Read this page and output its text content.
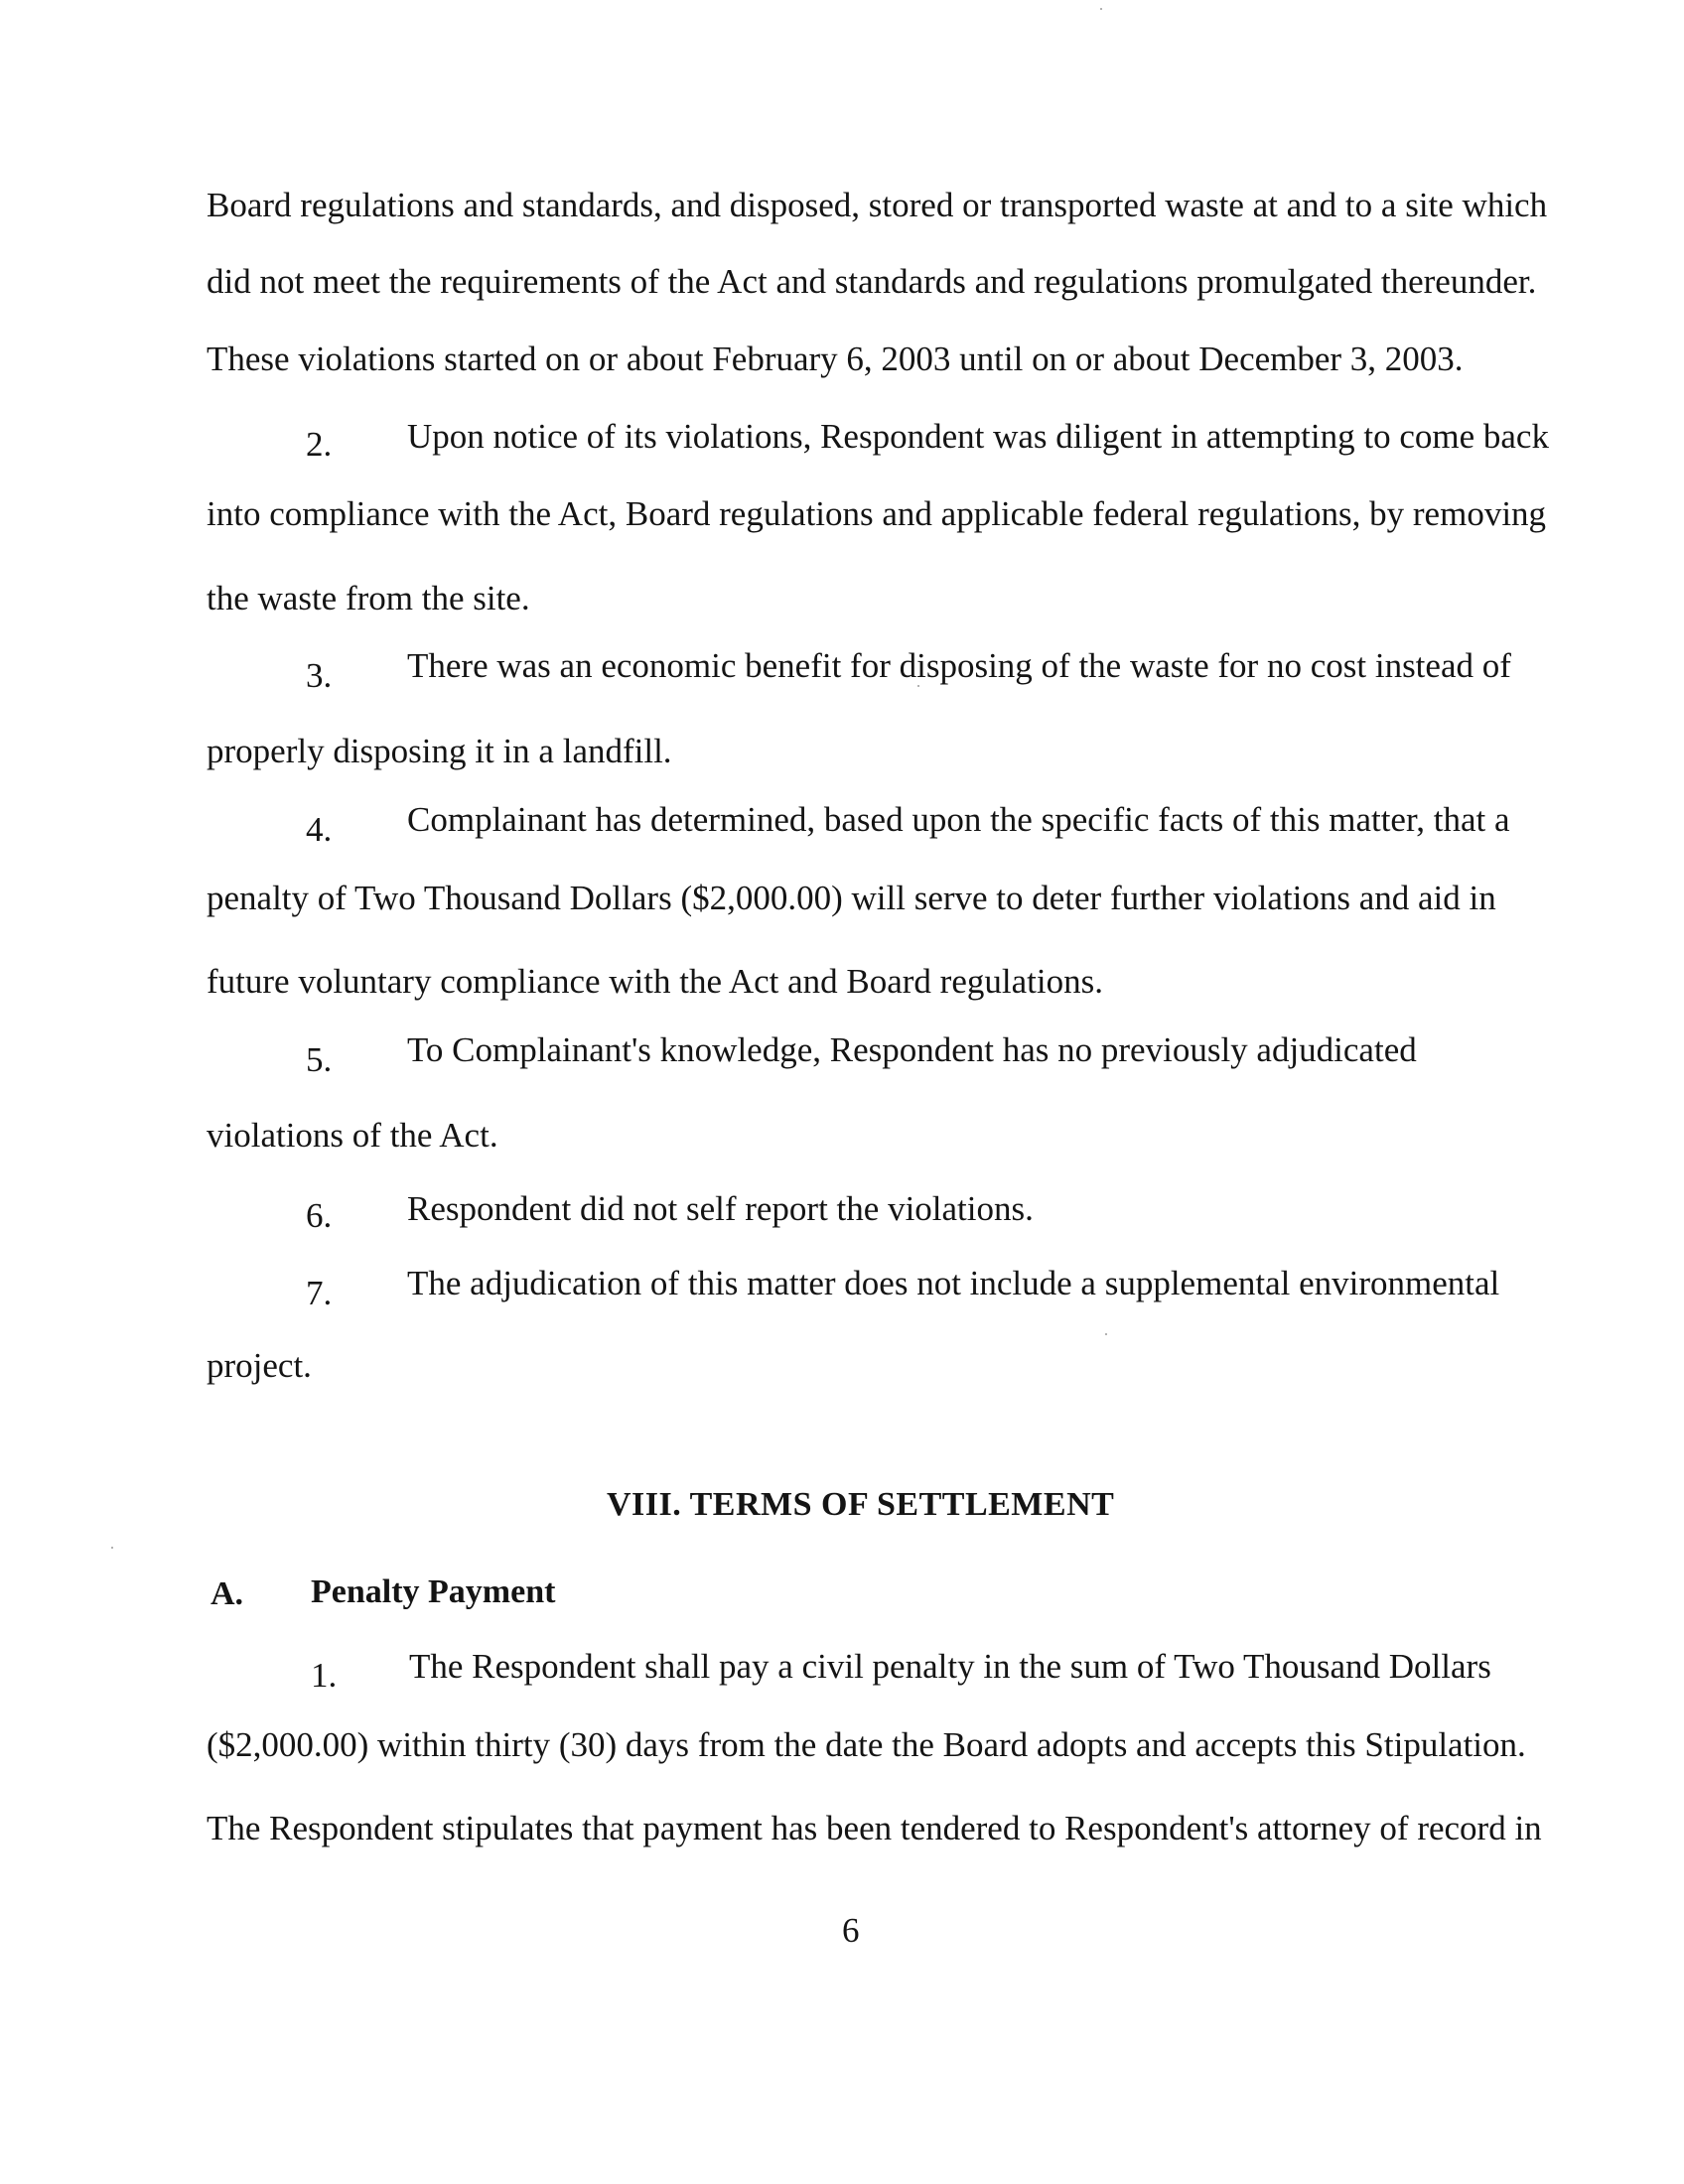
Board regulations and standards, and disposed, stored or transported waste at and to a site which
did not meet the requirements of the Act and standards and regulations promulgated thereunder.
These violations started on or about February 6, 2003 until on or about December 3, 2003.
2. Upon notice of its violations, Respondent was diligent in attempting to come back
into compliance with the Act, Board regulations and applicable federal regulations, by removing
the waste from the site.
3. There was an economic benefit for disposing of the waste for no cost instead of
properly disposing it in a landfill.
4. Complainant has determined, based upon the specific facts of this matter, that a
penalty of Two Thousand Dollars ($2,000.00) will serve to deter further violations and aid in
future voluntary compliance with the Act and Board regulations.
5. To Complainant's knowledge, Respondent has no previously adjudicated
violations of the Act.
6. Respondent did not self report the violations.
7. The adjudication of this matter does not include a supplemental environmental
project.
VIII. TERMS OF SETTLEMENT
A. Penalty Payment
1. The Respondent shall pay a civil penalty in the sum of Two Thousand Dollars
($2,000.00) within thirty (30) days from the date the Board adopts and accepts this Stipulation.
The Respondent stipulates that payment has been tendered to Respondent's attorney of record in
6
